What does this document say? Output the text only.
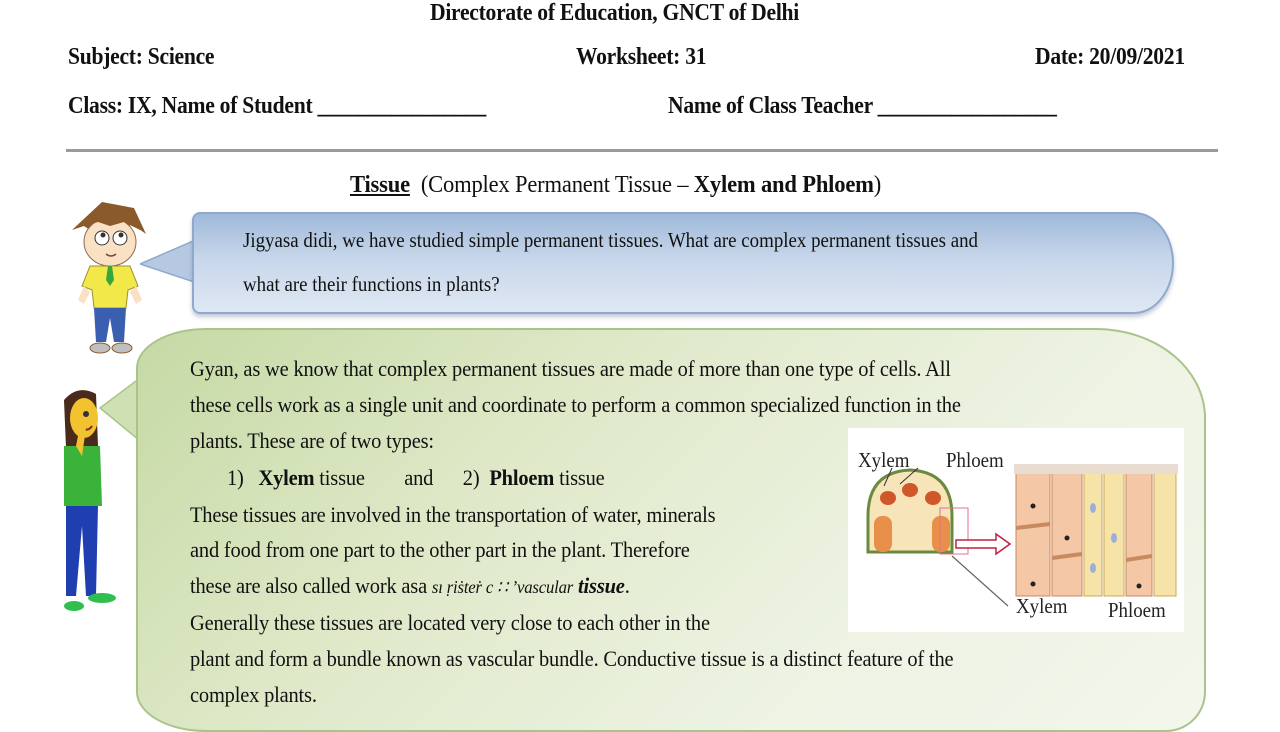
Directorate of Education, GNCT of Delhi
Subject: Science	Worksheet: 31	Date: 20/09/2021
Class: IX, Name of Student ________________	Name of Class Teacher _________________
Tissue (Complex Permanent Tissue – Xylem and Phloem)
Jigyasa didi, we have studied simple permanent tissues. What are complex permanent tissues and
what are their functions in plants?
Gyan, as we know that complex permanent tissues are made of more than one type of cells. All
these cells work as a single unit and coordinate to perform a common specialized function in the
plants. These are of two types:
1) Xylem tissue and 2) Phloem tissue
These tissues are involved in the transportation of water, minerals
and food from one part to the other part in the plant. Therefore
these are also called work asa sı ṛiṡteṙ c ∷ ʼvascular tissue.
Generally these tissues are located very close to each other in the
plant and form a bundle known as vascular bundle. Conductive tissue is a distinct feature of the
complex plants.
Xylem Phloem
Xylem Phloem
